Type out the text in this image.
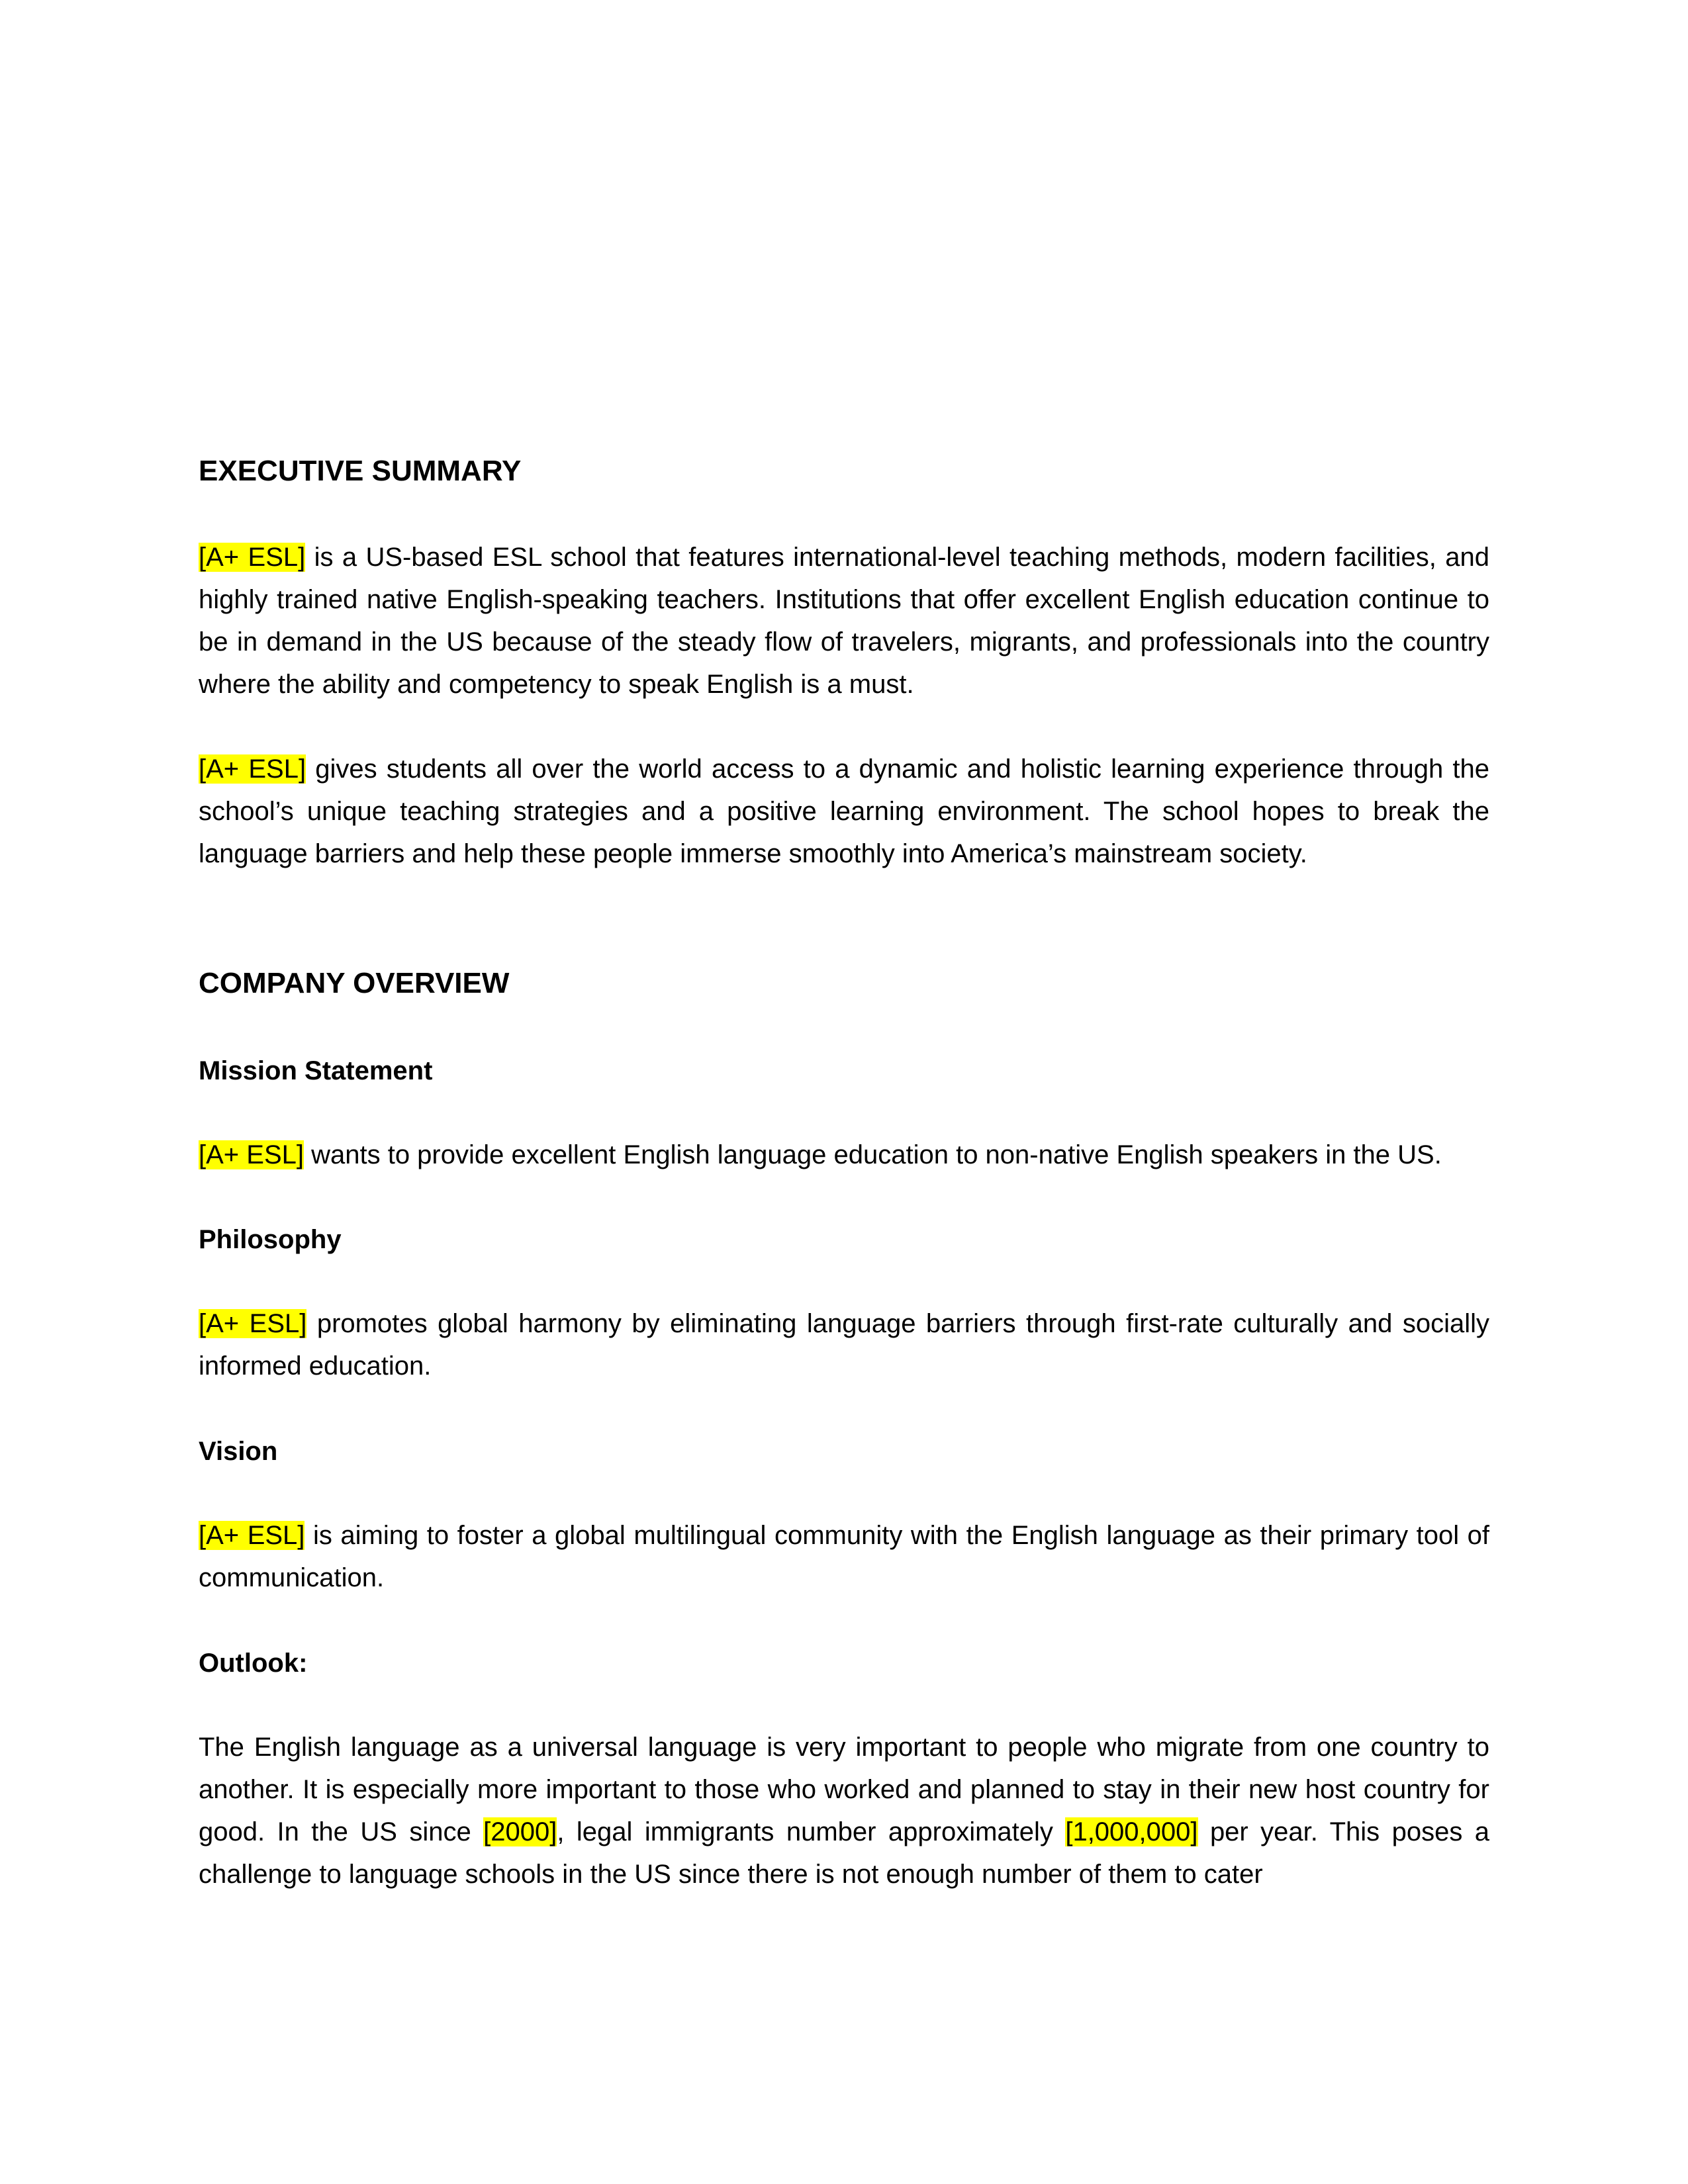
EXECUTIVE SUMMARY
[A+ ESL] is a US-based ESL school that features international-level teaching methods, modern facilities, and highly trained native English-speaking teachers. Institutions that offer excellent English education continue to be in demand in the US because of the steady flow of travelers, migrants, and professionals into the country where the ability and competency to speak English is a must.
[A+ ESL] gives students all over the world access to a dynamic and holistic learning experience through the school’s unique teaching strategies and a positive learning environment. The school hopes to break the language barriers and help these people immerse smoothly into America’s mainstream society.
COMPANY OVERVIEW
Mission Statement
[A+ ESL] wants to provide excellent English language education to non-native English speakers in the US.
Philosophy
[A+ ESL] promotes global harmony by eliminating language barriers through first-rate culturally and socially informed education.
Vision
[A+ ESL] is aiming to foster a global multilingual community with the English language as their primary tool of communication.
Outlook:
The English language as a universal language is very important to people who migrate from one country to another. It is especially more important to those who worked and planned to stay in their new host country for good. In the US since [2000], legal immigrants number approximately [1,000,000] per year. This poses a challenge to language schools in the US since there is not enough number of them to cater
